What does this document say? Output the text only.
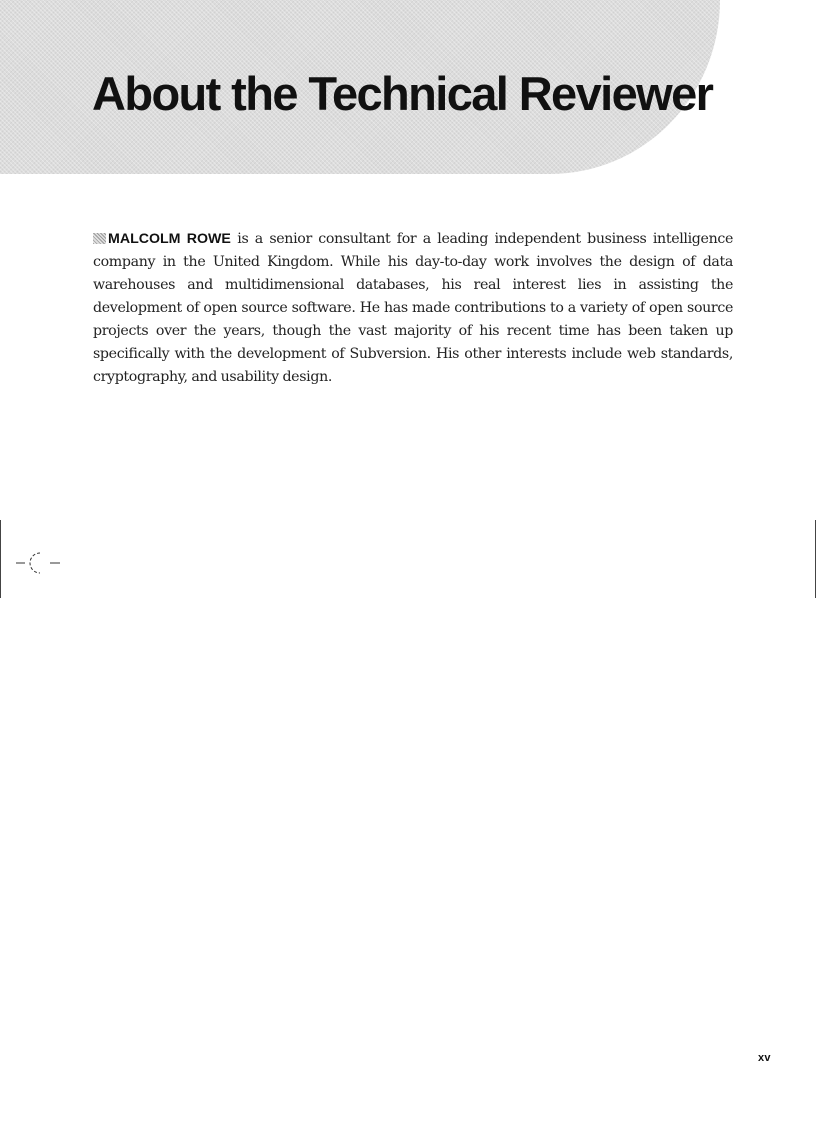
About the Technical Reviewer

MALCOLM ROWE is a senior consultant for a leading independent business intelligence company in the United Kingdom. While his day-to-day work involves the design of data warehouses and multidimensional databases, his real interest lies in assisting the development of open source software. He has made contributions to a variety of open source projects over the years, though the vast majority of his recent time has been taken up specifically with the development of Subversion. His other interests include web standards, cryptography, and usability design.

xv
